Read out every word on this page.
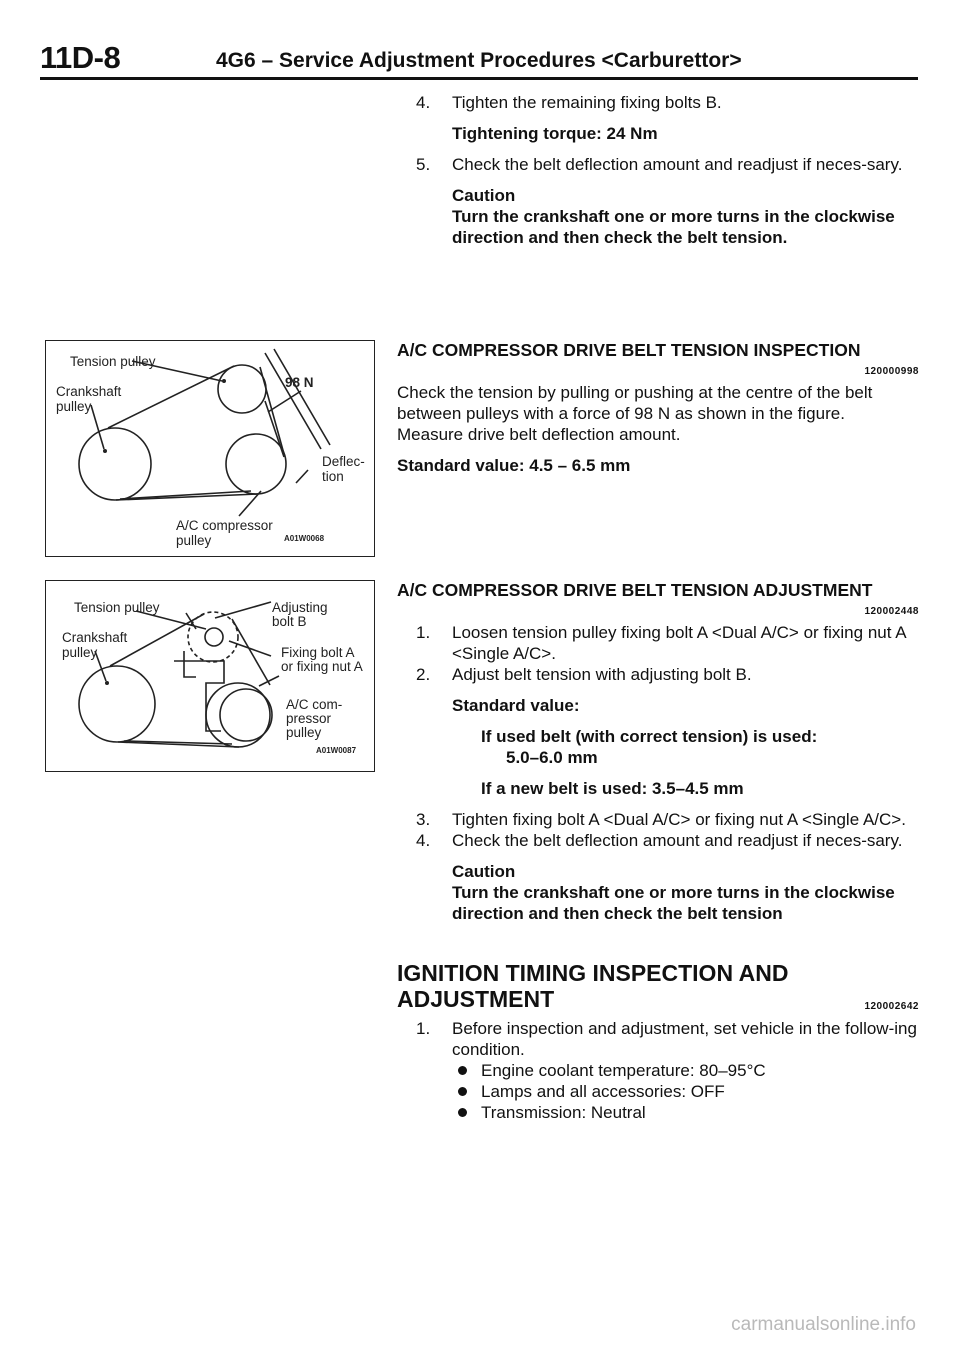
11D-8	4G6 – Service Adjustment Procedures <Carburettor>
4. Tighten the remaining fixing bolts B.
Tightening torque: 24 Nm
5. Check the belt deflection amount and readjust if neces-sary.
Caution
Turn the crankshaft one or more turns in the clockwise direction and then check the belt tension.
A/C COMPRESSOR DRIVE BELT TENSION INSPECTION
120000998
Check the tension by pulling or pushing at the centre of the belt between pulleys with a force of 98 N as shown in the figure.
Measure drive belt deflection amount.
Standard value: 4.5 – 6.5 mm
A/C COMPRESSOR DRIVE BELT TENSION ADJUSTMENT
120002448
1. Loosen tension pulley fixing bolt A <Dual A/C> or fixing nut A <Single A/C>.
2. Adjust belt tension with adjusting bolt B.
Standard value:
If used belt (with correct tension) is used:
5.0–6.0 mm
If a new belt is used: 3.5–4.5 mm
3. Tighten fixing bolt A <Dual A/C> or fixing nut A <Single A/C>.
4. Check the belt deflection amount and readjust if neces-sary.
Caution
Turn the crankshaft one or more turns in the clockwise direction and then check the belt tension
IGNITION TIMING INSPECTION AND
ADJUSTMENT	120002642
1. Before inspection and adjustment, set vehicle in the follow-ing condition.
Engine coolant temperature: 80–95°C
Lamps and all accessories: OFF
Transmission: Neutral
Tension pulley
Crankshaft
pulley
98 N
Deflec-
tion
A/C compressor
pulley	A01W0068
Tension pulley
Crankshaft
pulley
Adjusting
bolt B
Fixing bolt A
or fixing nut A
A/C com-
pressor
pulley
A01W0087
carmanualsonline.info
